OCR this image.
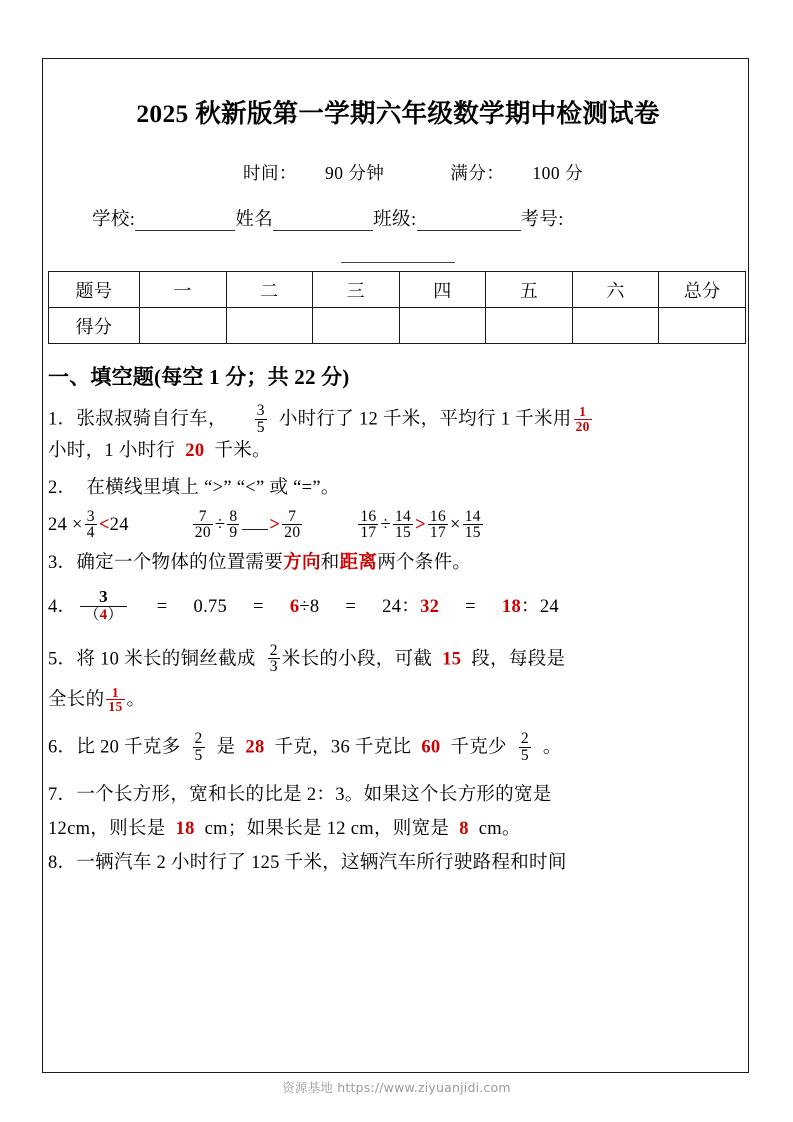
2025 秋新版第一学期六年级数学期中检测试卷
时间： 90 分钟	满分： 100 分
学校:	姓名	班级:	考号:
题号	一	二	三	四	五	六	总分
得分							
一、填空题(每空 1 分；共 22 分)
1．张叔叔骑自行车， $\frac{3}{5}$ 小时行了 12 千米，平均行 1 千米用 $\frac{1}{20}$
小时，1 小时行 20 千米。
2． 在横线里填上 “>” “<” 或 “=”。
$24 \times \frac{3}{4} <24$	$\frac{7}{20} \div \frac{8}{9} > \frac{7}{20}$	$\frac{16}{17} \div \frac{14}{15} > \frac{16}{17} \times \frac{14}{15}$
3．确定一个物体的位置需要方向和距离两个条件。
4． $\frac{3}{(4)} = 0.75 = 6\div 8 = 24$：32 = 18：24
5．将 10 米长的铜丝截成 $\frac{2}{3}$ 米长的小段，可截 15 段，每段是
全长的 $\frac{1}{15}$ 。
6．比 20 千克多 $\frac{2}{5}$ 是 28 千克，36 千克比 60 千克少 $\frac{2}{5}$ 。
7．一个长方形，宽和长的比是 2：3。如果这个长方形的宽是
12cm，则长是 18 cm；如果长是 12 cm，则宽是 8 cm。
8．一辆汽车 2 小时行了 125 千米，这辆汽车所行驶路程和时间
资源基地 https://www.ziyuanjidi.com
